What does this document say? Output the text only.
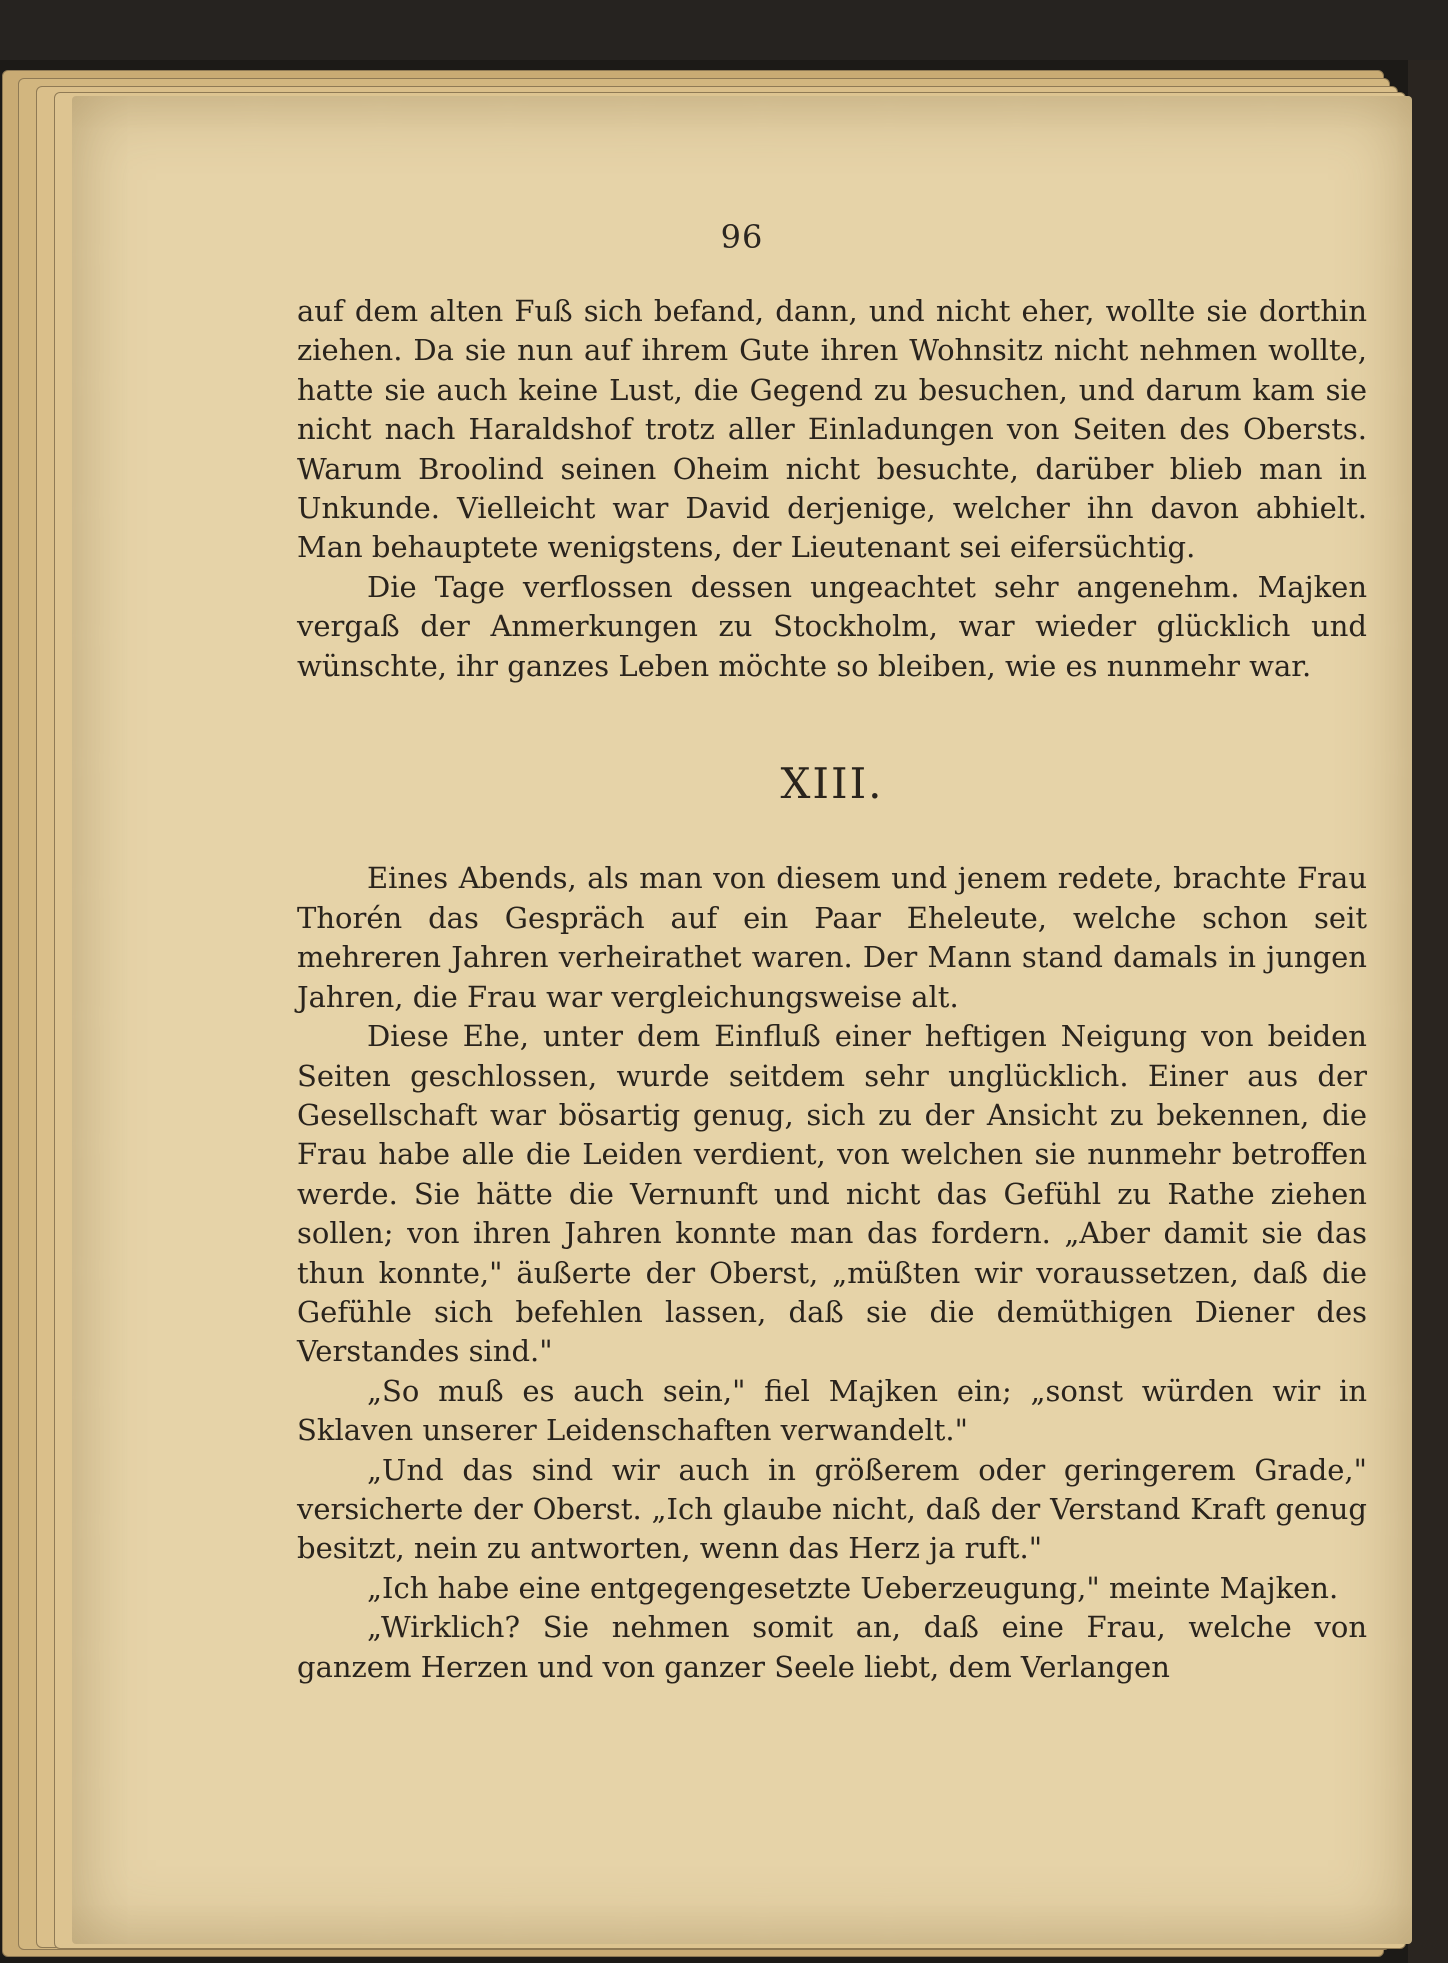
96

auf dem alten Fuß sich befand, dann, und nicht eher, wollte sie dorthin ziehen. Da sie nun auf ihrem Gute ihren Wohnsitz nicht nehmen wollte, hatte sie auch keine Lust, die Gegend zu besuchen, und darum kam sie nicht nach Haraldshof trotz aller Einladungen von Seiten des Obersts. Warum Broolind seinen Oheim nicht besuchte, darüber blieb man in Unkunde. Vielleicht war David derjenige, welcher ihn davon abhielt. Man behauptete wenigstens, der Lieutenant sei eifersüchtig.

Die Tage verflossen dessen ungeachtet sehr angenehm. Majken vergaß der Anmerkungen zu Stockholm, war wieder glücklich und wünschte, ihr ganzes Leben möchte so bleiben, wie es nunmehr war.

XIII.

Eines Abends, als man von diesem und jenem redete, brachte Frau Thorén das Gespräch auf ein Paar Eheleute, welche schon seit mehreren Jahren verheirathet waren. Der Mann stand damals in jungen Jahren, die Frau war vergleichungsweise alt.

Diese Ehe, unter dem Einfluß einer heftigen Neigung von beiden Seiten geschlossen, wurde seitdem sehr unglücklich. Einer aus der Gesellschaft war bösartig genug, sich zu der Ansicht zu bekennen, die Frau habe alle die Leiden verdient, von welchen sie nunmehr betroffen werde. Sie hätte die Vernunft und nicht das Gefühl zu Rathe ziehen sollen; von ihren Jahren konnte man das fordern. „Aber damit sie das thun konnte," äußerte der Oberst, „müßten wir voraussetzen, daß die Gefühle sich befehlen lassen, daß sie die demüthigen Diener des Verstandes sind."

„So muß es auch sein," fiel Majken ein; „sonst würden wir in Sklaven unserer Leidenschaften verwandelt."

„Und das sind wir auch in größerem oder geringerem Grade," versicherte der Oberst. „Ich glaube nicht, daß der Verstand Kraft genug besitzt, nein zu antworten, wenn das Herz ja ruft."

„Ich habe eine entgegengesetzte Ueberzeugung," meinte Majken.

„Wirklich? Sie nehmen somit an, daß eine Frau, welche von ganzem Herzen und von ganzer Seele liebt, dem Verlangen
